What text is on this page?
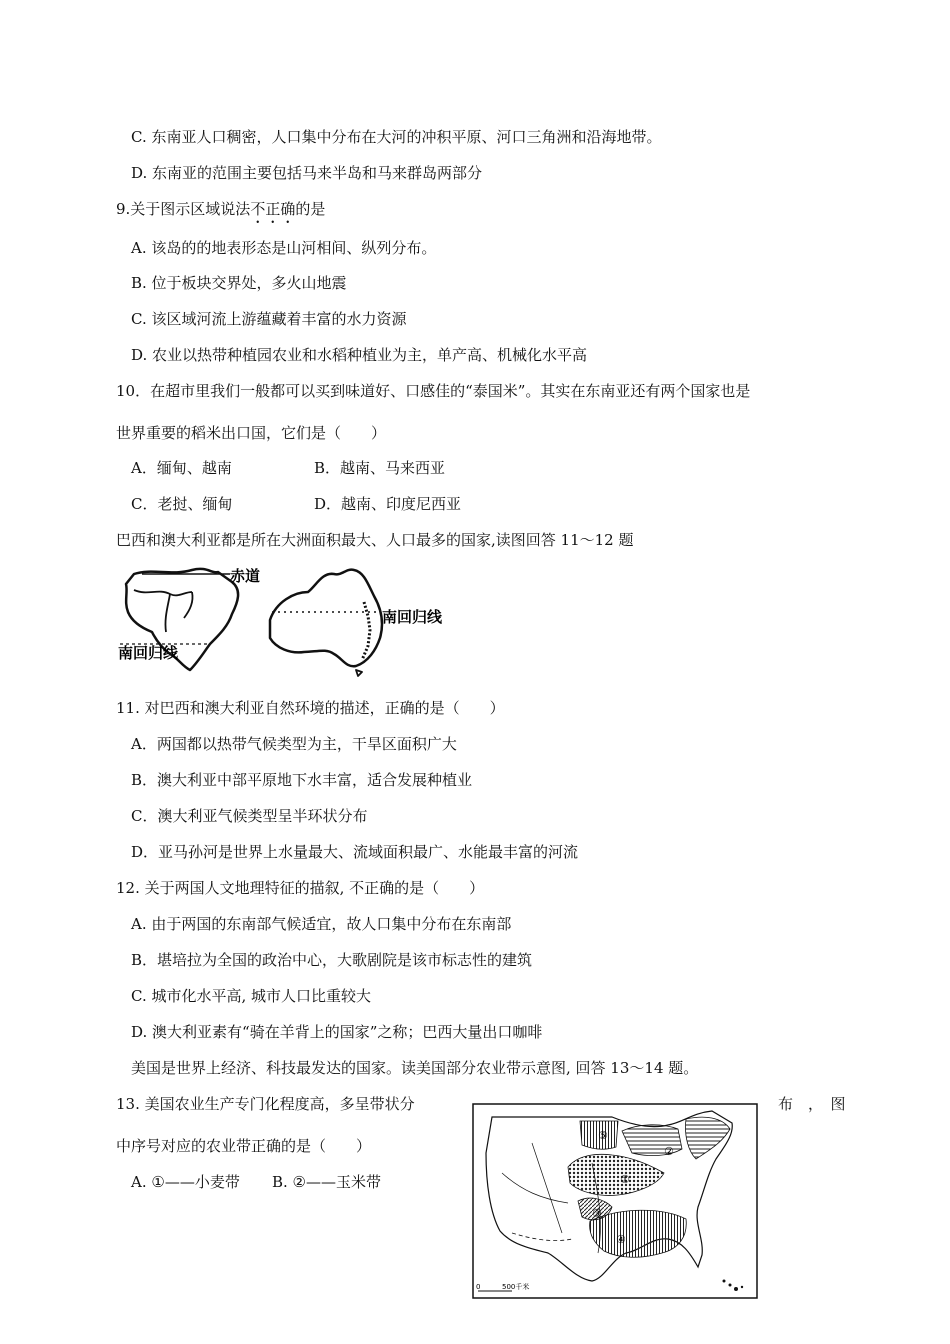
C. 东南亚人口稠密，人口集中分布在大河的冲积平原、河口三角洲和沿海地带。
D. 东南亚的范围主要包括马来半岛和马来群岛两部分
9.关于图示区域说法不正确的是
A. 该岛的的地表形态是山河相间、纵列分布。
B. 位于板块交界处，多火山地震
C. 该区域河流上游蕴藏着丰富的水力资源
D. 农业以热带种植园农业和水稻种植业为主，单产高、机械化水平高
10．在超市里我们一般都可以买到味道好、口感佳的“泰国米”。其实在东南亚还有两个国家也是
世界重要的稻米出口国，它们是（　　）
A．缅甸、越南	B．越南、马来西亚
C．老挝、缅甸	D．越南、印度尼西亚
巴西和澳大利亚都是所在大洲面积最大、人口最多的国家,读图回答 11～12 题
赤道
南回归线
南回归线
11. 对巴西和澳大利亚自然环境的描述，正确的是（　　）
A．两国都以热带气候类型为主，干旱区面积广大
B．澳大利亚中部平原地下水丰富，适合发展种植业
C．澳大利亚气候类型呈半环状分布
D．亚马孙河是世界上水量最大、流域面积最广、水能最丰富的河流
12. 关于两国人文地理特征的描叙, 不正确的是（　　）
A. 由于两国的东南部气候适宜，故人口集中分布在东南部
B．堪培拉为全国的政治中心，大歌剧院是该市标志性的建筑
C. 城市化水平高, 城市人口比重较大
D. 澳大利亚素有“骑在羊背上的国家”之称；巴西大量出口咖啡
美国是世界上经济、科技最发达的国家。读美国部分农业带示意图, 回答 13～14 题。
13. 美国农业生产专门化程度高，多呈带状分	布　，　图
中序号对应的农业带正确的是（　　）
A. ①——小麦带 B. ②——玉米带	①
②
③
④
⑤
0	500千米
